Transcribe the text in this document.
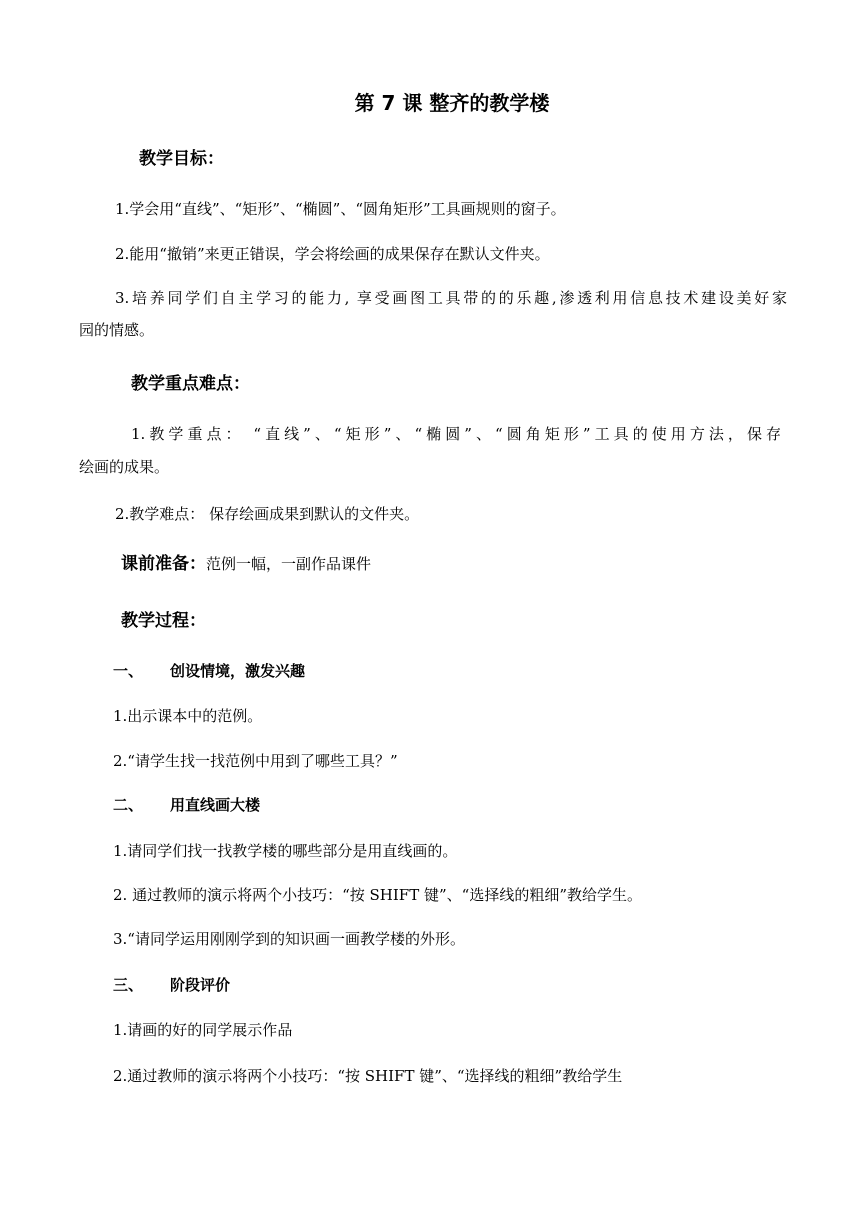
第 7 课 整齐的教学楼
教学目标：
1.学会用“直线”、“矩形”、“椭圆”、“圆角矩形”工具画规则的窗子。
2.能用“撤销”来更正错误，学会将绘画的成果保存在默认文件夹。
3.培养同学们自主学习的能力, 享受画图工具带的的乐趣,渗透利用信息技术建设美好家
园的情感。
教学重点难点：
1.教学重点： “直线”、“矩形”、“椭圆”、“圆角矩形”工具的使用方法，保存
绘画的成果。
2.教学难点： 保存绘画成果到默认的文件夹。
课前准备：范例一幅，一副作品课件
教学过程：
一、 创设情境，激发兴趣
1.出示课本中的范例。
2.“请学生找一找范例中用到了哪些工具？”
二、 用直线画大楼
1.请同学们找一找教学楼的哪些部分是用直线画的。
2. 通过教师的演示将两个小技巧：“按 SHIFT 键”、“选择线的粗细”教给学生。
3.“请同学运用刚刚学到的知识画一画教学楼的外形。
三、 阶段评价
1.请画的好的同学展示作品
2.通过教师的演示将两个小技巧：“按 SHIFT 键”、“选择线的粗细”教给学生
